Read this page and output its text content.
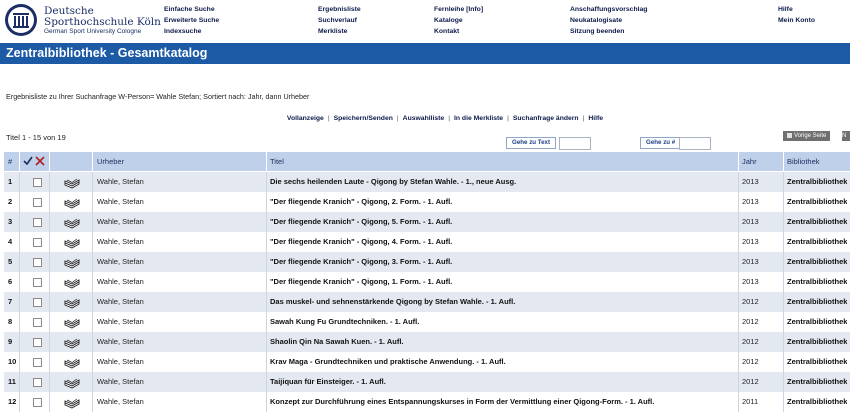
Deutsche
Sporthochschule Köln
German Sport University Cologne
Einfache Suche
Erweiterte Suche
Indexsuche
Ergebnisliste
Suchverlauf
Merkliste
Fernleihe [Info]
Kataloge
Kontakt
Anschaffungsvorschlag
Neukatalogisate
Sitzung beenden
Hilfe
Mein Konto
Zentralbibliothek - Gesamtkatalog
Ergebnisliste zu Ihrer Suchanfrage W-Person= Wahle Stefan; Sortiert nach: Jahr, dann Urheber
Vollanzeige | Speichern/Senden | Auswahlliste | In die Merkliste | Suchanfrage ändern | Hilfe
Titel 1 - 15 von 19
Gehe zu Text	Gehe zu #
Vorige Seite	N
#	Urheber	Titel	Jahr	Bibliothek
1	Wahle, Stefan	Die sechs heilenden Laute - Qigong by Stefan Wahle. - 1., neue Ausg.	2013	Zentralbibliothek
2	Wahle, Stefan	"Der fliegende Kranich" - Qigong, 2. Form. - 1. Aufl.	2013	Zentralbibliothek
3	Wahle, Stefan	"Der fliegende Kranich" - Qigong, 5. Form. - 1. Aufl.	2013	Zentralbibliothek
4	Wahle, Stefan	"Der fliegende Kranich" - Qigong, 4. Form. - 1. Aufl.	2013	Zentralbibliothek
5	Wahle, Stefan	"Der fliegende Kranich" - Qigong, 3. Form. - 1. Aufl.	2013	Zentralbibliothek
6	Wahle, Stefan	"Der fliegende Kranich" - Qigong, 1. Form. - 1. Aufl.	2013	Zentralbibliothek
7	Wahle, Stefan	Das muskel- und sehnenstärkende Qigong by Stefan Wahle. - 1. Aufl.	2012	Zentralbibliothek
8	Wahle, Stefan	Sawah Kung Fu Grundtechniken. - 1. Aufl.	2012	Zentralbibliothek
9	Wahle, Stefan	Shaolin Qin Na Sawah Kuen. - 1. Aufl.	2012	Zentralbibliothek
10	Wahle, Stefan	Krav Maga - Grundtechniken und praktische Anwendung. - 1. Aufl.	2012	Zentralbibliothek
11	Wahle, Stefan	Taijiquan für Einsteiger. - 1. Aufl.	2012	Zentralbibliothek
12	Wahle, Stefan	Konzept zur Durchführung eines Entspannungskurses in Form der Vermittlung einer Qigong-Form. - 1. Aufl.	2011	Zentralbibliothek
